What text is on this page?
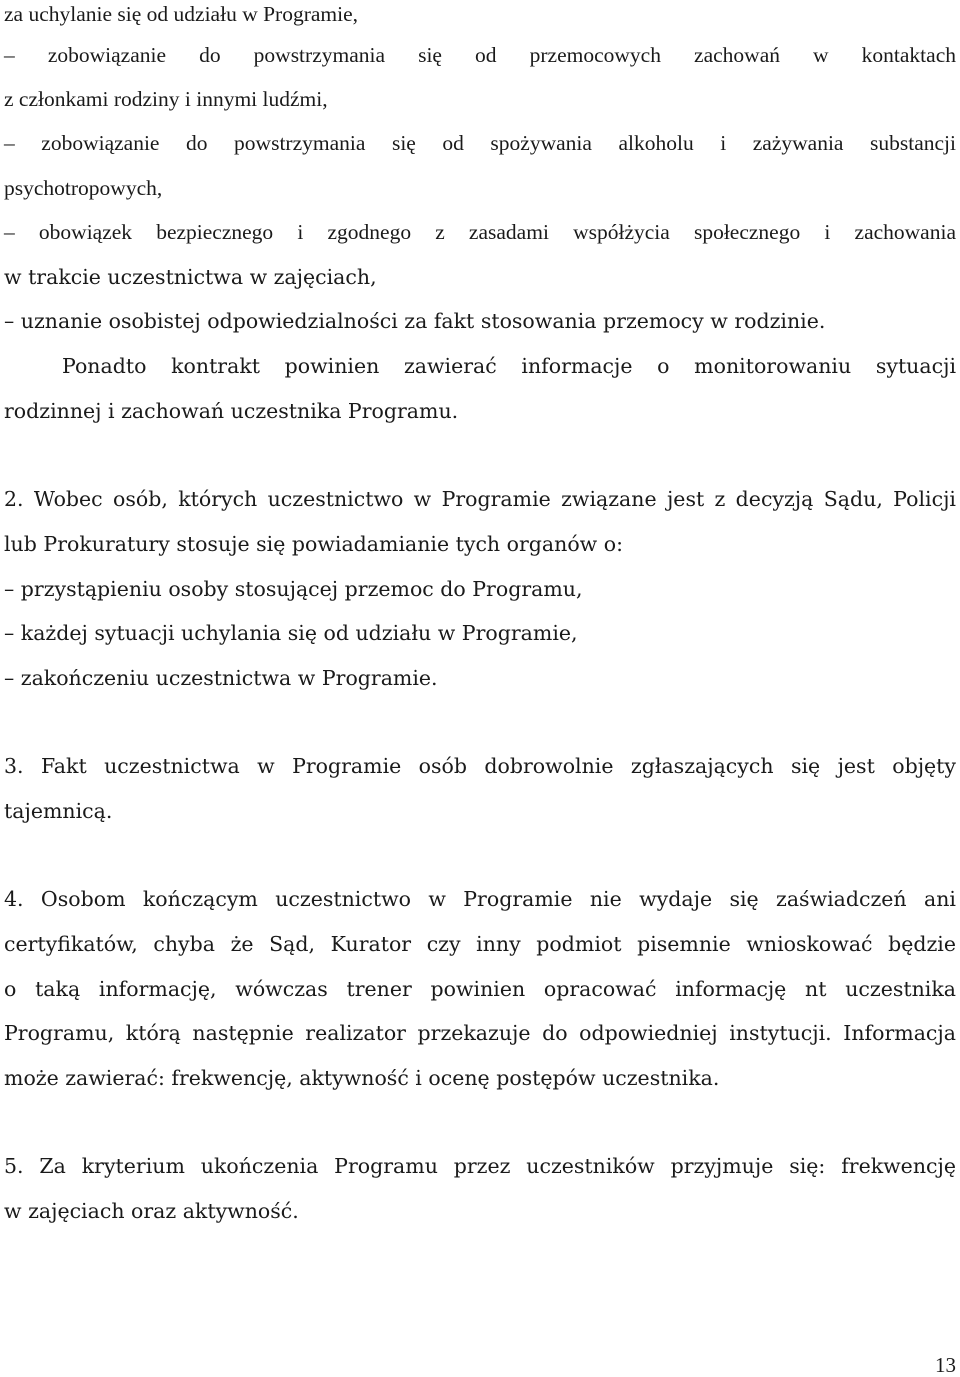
za uchylanie się od udziału w Programie,
– zobowiązanie do powstrzymania się od przemocowych zachowań w kontaktach
z członkami rodziny i innymi ludźmi,
– zobowiązanie do powstrzymania się od spożywania alkoholu i zażywania substancji
psychotropowych,
– obowiązek bezpiecznego i zgodnego z zasadami współżycia społecznego i zachowania
w trakcie uczestnictwa w zajęciach,
– uznanie osobistej odpowiedzialności za fakt stosowania przemocy w rodzinie.
Ponadto kontrakt powinien zawierać informacje o monitorowaniu sytuacji
rodzinnej i zachowań uczestnika Programu.
2. Wobec osób, których uczestnictwo w Programie związane jest z decyzją Sądu, Policji
lub Prokuratury stosuje się powiadamianie tych organów o:
– przystąpieniu osoby stosującej przemoc do Programu,
– każdej sytuacji uchylania się od udziału w Programie,
– zakończeniu uczestnictwa w Programie.
3. Fakt uczestnictwa w Programie osób dobrowolnie zgłaszających się jest objęty
tajemnicą.
4. Osobom kończącym uczestnictwo w Programie nie wydaje się zaświadczeń ani
certyfikatów, chyba że Sąd, Kurator czy inny podmiot pisemnie wnioskować będzie
o taką informację, wówczas trener powinien opracować informację nt uczestnika
Programu, którą następnie realizator przekazuje do odpowiedniej instytucji. Informacja
może zawierać: frekwencję, aktywność i ocenę postępów uczestnika.
5. Za kryterium ukończenia Programu przez uczestników przyjmuje się: frekwencję
w zajęciach oraz aktywność.
13
